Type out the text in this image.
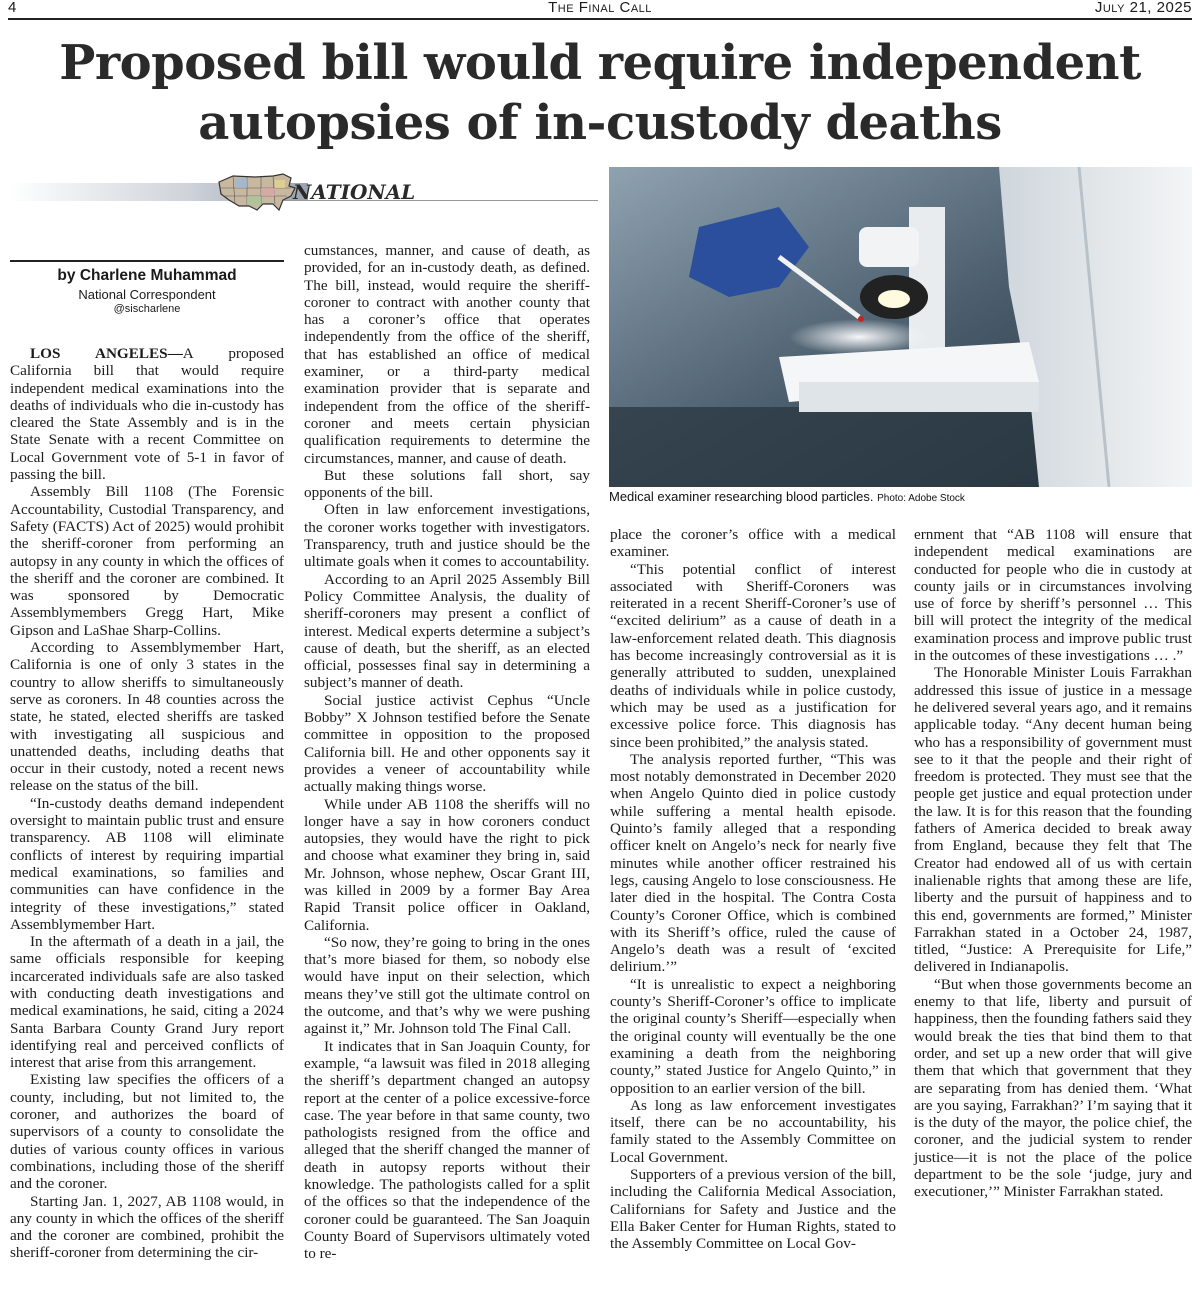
4	The Final Call	July 21, 2025
Proposed bill would require independent
autopsies of in-custody deaths
NATIONAL
by Charlene Muhammad
National Correspondent
@sischarlene

LOS ANGELES—A proposed California bill that would require independent medical examinations into the deaths of individuals who die in-custody has cleared the State Assembly and is in the State Senate with a recent Committee on Local Government vote of 5-1 in favor of passing the bill.

Assembly Bill 1108 (The Forensic Accountability, Custodial Transparency, and Safety (FACTS) Act of 2025) would prohibit the sheriff-coroner from performing an autopsy in any county in which the offices of the sheriff and the coroner are combined. It was sponsored by Democratic Assemblymembers Gregg Hart, Mike Gipson and LaShae Sharp-Collins.

According to Assemblymember Hart, California is one of only 3 states in the country to allow sheriffs to simultaneously serve as coroners. In 48 counties across the state, he stated, elected sheriffs are tasked with investigating all suspicious and unattended deaths, including deaths that occur in their custody, noted a recent news release on the status of the bill.

“In-custody deaths demand independent oversight to maintain public trust and ensure transparency. AB 1108 will eliminate conflicts of interest by requiring impartial medical examinations, so families and communities can have confidence in the integrity of these investigations,” stated Assemblymember Hart.

In the aftermath of a death in a jail, the same officials responsible for keeping incarcerated individuals safe are also tasked with conducting death investigations and medical examinations, he said, citing a 2024 Santa Barbara County Grand Jury report identifying real and perceived conflicts of interest that arise from this arrangement.

Existing law specifies the officers of a county, including, but not limited to, the coroner, and authorizes the board of supervisors of a county to consolidate the duties of various county offices in various combinations, including those of the sheriff and the coroner.

Starting Jan. 1, 2027, AB 1108 would, in any county in which the offices of the sheriff and the coroner are combined, prohibit the sheriff-coroner from determining the cir-

cumstances, manner, and cause of death, as provided, for an in-custody death, as defined. The bill, instead, would require the sheriff-coroner to contract with another county that has a coroner’s office that operates independently from the office of the sheriff, that has established an office of medical examiner, or a third-party medical examination provider that is separate and independent from the office of the sheriff-coroner and meets certain physician qualification requirements to determine the circumstances, manner, and cause of death.

But these solutions fall short, say opponents of the bill.

Often in law enforcement investigations, the coroner works together with investigators. Transparency, truth and justice should be the ultimate goals when it comes to accountability.

According to an April 2025 Assembly Bill Policy Committee Analysis, the duality of sheriff-coroners may present a conflict of interest. Medical experts determine a subject’s cause of death, but the sheriff, as an elected official, possesses final say in determining a subject’s manner of death.

Social justice activist Cephus “Uncle Bobby” X Johnson testified before the Senate committee in opposition to the proposed California bill. He and other opponents say it provides a veneer of accountability while actually making things worse.

While under AB 1108 the sheriffs will no longer have a say in how coroners conduct autopsies, they would have the right to pick and choose what examiner they bring in, said Mr. Johnson, whose nephew, Oscar Grant III, was killed in 2009 by a former Bay Area Rapid Transit police officer in Oakland, California.

“So now, they’re going to bring in the ones that’s more biased for them, so nobody else would have input on their selection, which means they’ve still got the ultimate control on the outcome, and that’s why we were pushing against it,” Mr. Johnson told The Final Call.

It indicates that in San Joaquin County, for example, “a lawsuit was filed in 2018 alleging the sheriff’s department changed an autopsy report at the center of a police excessive-force case. The year before in that same county, two pathologists resigned from the office and alleged that the sheriff changed the manner of death in autopsy reports without their knowledge. The pathologists called for a split of the offices so that the independence of the coroner could be guaranteed. The San Joaquin County Board of Supervisors ultimately voted to re-

Medical examiner researching blood particles. Photo: Adobe Stock

place the coroner’s office with a medical examiner.

“This potential conflict of interest associated with Sheriff-Coroners was reiterated in a recent Sheriff-Coroner’s use of “excited delirium” as a cause of death in a law-enforcement related death. This diagnosis has become increasingly controversial as it is generally attributed to sudden, unexplained deaths of individuals while in police custody, which may be used as a justification for excessive police force. This diagnosis has since been prohibited,” the analysis stated.

The analysis reported further, “This was most notably demonstrated in December 2020 when Angelo Quinto died in police custody while suffering a mental health episode. Quinto’s family alleged that a responding officer knelt on Angelo’s neck for nearly five minutes while another officer restrained his legs, causing Angelo to lose consciousness. He later died in the hospital. The Contra Costa County’s Coroner Office, which is combined with its Sheriff’s office, ruled the cause of Angelo’s death was a result of ‘excited delirium.’”

“It is unrealistic to expect a neighboring county’s Sheriff-Coroner’s office to implicate the original county’s Sheriff—especially when the original county will eventually be the one examining a death from the neighboring county,” stated Justice for Angelo Quinto,” in opposition to an earlier version of the bill.

As long as law enforcement investigates itself, there can be no accountability, his family stated to the Assembly Committee on Local Government.

Supporters of a previous version of the bill, including the California Medical Association, Californians for Safety and Justice and the Ella Baker Center for Human Rights, stated to the Assembly Committee on Local Gov-

ernment that “AB 1108 will ensure that independent medical examinations are conducted for people who die in custody at county jails or in circumstances involving use of force by sheriff’s personnel … This bill will protect the integrity of the medical examination process and improve public trust in the outcomes of these investigations … .”

The Honorable Minister Louis Farrakhan addressed this issue of justice in a message he delivered several years ago, and it remains applicable today. “Any decent human being who has a responsibility of government must see to it that the people and their right of freedom is protected. They must see that the people get justice and equal protection under the law. It is for this reason that the founding fathers of America decided to break away from England, because they felt that The Creator had endowed all of us with certain inalienable rights that among these are life, liberty and the pursuit of happiness and to this end, governments are formed,” Minister Farrakhan stated in a October 24, 1987, titled, “Justice: A Prerequisite for Life,” delivered in Indianapolis.

“But when those governments become an enemy to that life, liberty and pursuit of happiness, then the founding fathers said they would break the ties that bind them to that order, and set up a new order that will give them that which that government that they are separating from has denied them. ‘What are you saying, Farrakhan?’ I’m saying that it is the duty of the mayor, the police chief, the coroner, and the judicial system to render justice—it is not the place of the police department to be the sole ‘judge, jury and executioner,’” Minister Farrakhan stated.
